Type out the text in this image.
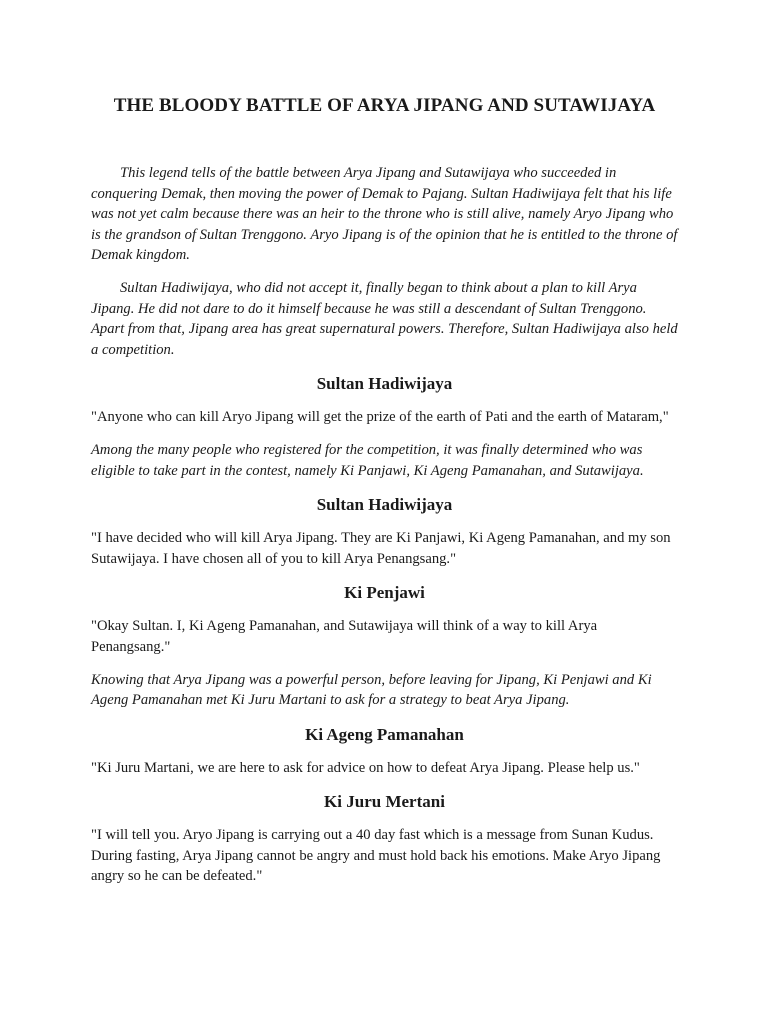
THE BLOODY BATTLE OF ARYA JIPANG AND SUTAWIJAYA

This legend tells of the battle between Arya Jipang and Sutawijaya who succeeded in conquering Demak, then moving the power of Demak to Pajang. Sultan Hadiwijaya felt that his life was not yet calm because there was an heir to the throne who is still alive, namely Aryo Jipang who is the grandson of Sultan Trenggono. Aryo Jipang is of the opinion that he is entitled to the throne of Demak kingdom.

Sultan Hadiwijaya, who did not accept it, finally began to think about a plan to kill Arya Jipang. He did not dare to do it himself because he was still a descendant of Sultan Trenggono. Apart from that, Jipang area has great supernatural powers. Therefore, Sultan Hadiwijaya also held a competition.

Sultan Hadiwijaya

"Anyone who can kill Aryo Jipang will get the prize of the earth of Pati and the earth of Mataram,"

Among the many people who registered for the competition, it was finally determined who was eligible to take part in the contest, namely Ki Panjawi, Ki Ageng Pamanahan, and Sutawijaya.

Sultan Hadiwijaya

"I have decided who will kill Arya Jipang. They are Ki Panjawi, Ki Ageng Pamanahan, and my son Sutawijaya. I have chosen all of you to kill Arya Penangsang."

Ki Penjawi

"Okay Sultan. I, Ki Ageng Pamanahan, and Sutawijaya will think of a way to kill Arya Penangsang."

Knowing that Arya Jipang was a powerful person, before leaving for Jipang, Ki Penjawi and Ki Ageng Pamanahan met Ki Juru Martani to ask for a strategy to beat Arya Jipang.

Ki Ageng Pamanahan

"Ki Juru Martani, we are here to ask for advice on how to defeat Arya Jipang. Please help us."

Ki Juru Mertani

"I will tell you. Aryo Jipang is carrying out a 40 day fast which is a message from Sunan Kudus. During fasting, Arya Jipang cannot be angry and must hold back his emotions. Make Aryo Jipang angry so he can be defeated."
